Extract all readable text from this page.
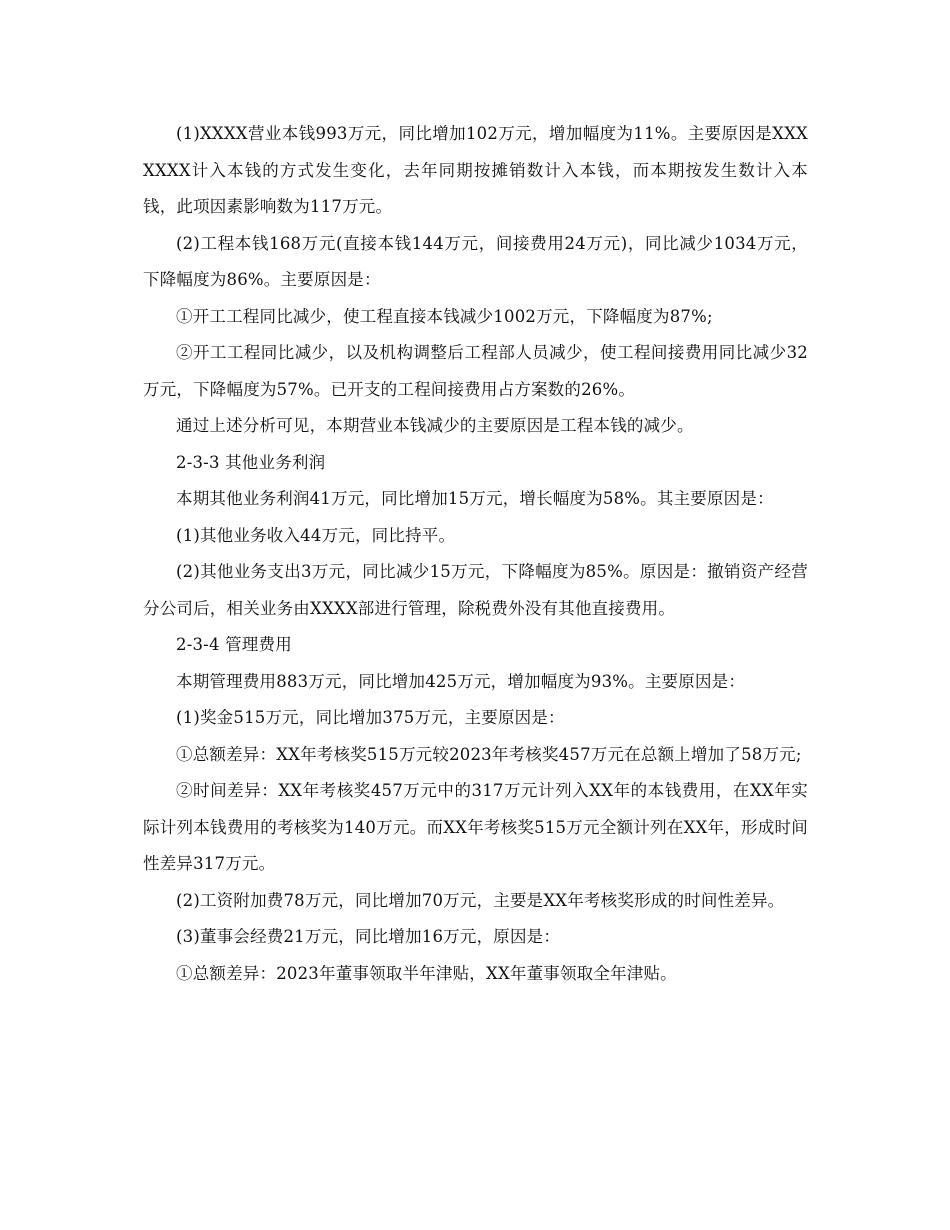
(1)XXXX营业本钱993万元，同比增加102万元，增加幅度为11%。主要原因是XXXXXXX计入本钱的方式发生变化，去年同期按摊销数计入本钱，而本期按发生数计入本钱，此项因素影响数为117万元。

(2)工程本钱168万元(直接本钱144万元，间接费用24万元)，同比减少1034万元，下降幅度为86%。主要原因是：

①开工工程同比减少，使工程直接本钱减少1002万元，下降幅度为87%;

②开工工程同比减少，以及机构调整后工程部人员减少，使工程间接费用同比减少32万元，下降幅度为57%。已开支的工程间接费用占方案数的26%。

通过上述分析可见，本期营业本钱减少的主要原因是工程本钱的减少。

2-3-3 其他业务利润

本期其他业务利润41万元，同比增加15万元，增长幅度为58%。其主要原因是：

(1)其他业务收入44万元，同比持平。

(2)其他业务支出3万元，同比减少15万元，下降幅度为85%。原因是：撤销资产经营分公司后，相关业务由XXXX部进行管理，除税费外没有其他直接费用。

2-3-4 管理费用

本期管理费用883万元，同比增加425万元，增加幅度为93%。主要原因是：

(1)奖金515万元，同比增加375万元，主要原因是：

①总额差异：XX年考核奖515万元较2023年考核奖457万元在总额上增加了58万元;

②时间差异：XX年考核奖457万元中的317万元计列入XX年的本钱费用，在XX年实际计列本钱费用的考核奖为140万元。而XX年考核奖515万元全额计列在XX年，形成时间性差异317万元。

(2)工资附加费78万元，同比增加70万元，主要是XX年考核奖形成的时间性差异。

(3)董事会经费21万元，同比增加16万元，原因是：

①总额差异：2023年董事领取半年津贴，XX年董事领取全年津贴。
